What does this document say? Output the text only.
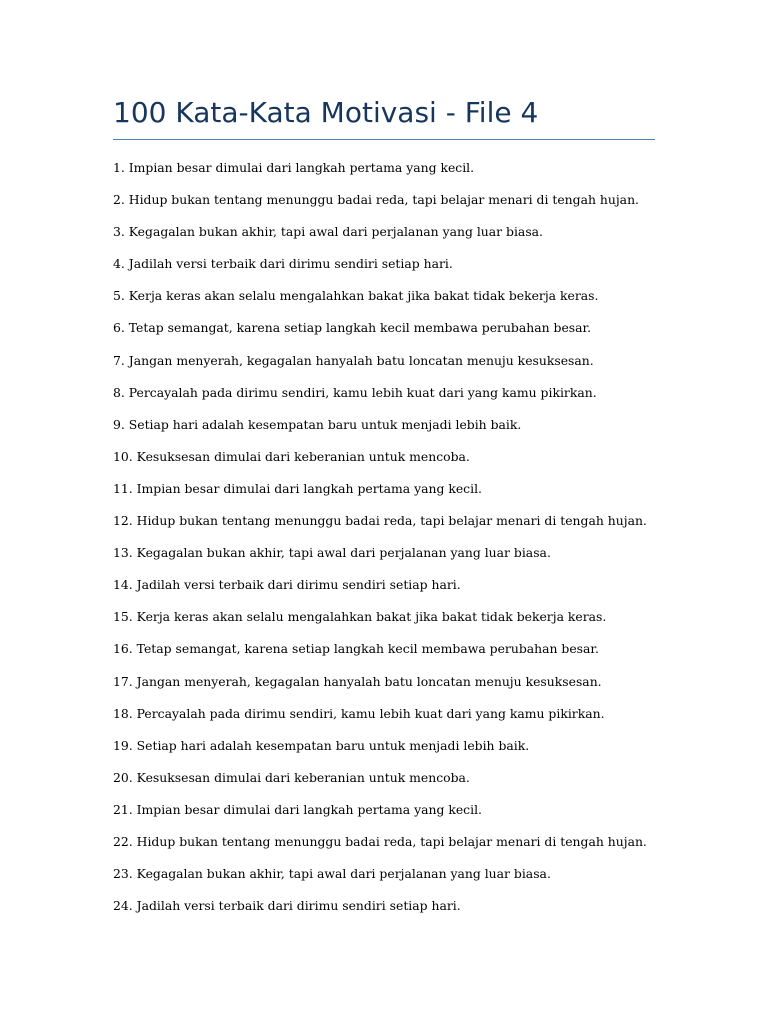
100 Kata-Kata Motivasi - File 4
1. Impian besar dimulai dari langkah pertama yang kecil.
2. Hidup bukan tentang menunggu badai reda, tapi belajar menari di tengah hujan.
3. Kegagalan bukan akhir, tapi awal dari perjalanan yang luar biasa.
4. Jadilah versi terbaik dari dirimu sendiri setiap hari.
5. Kerja keras akan selalu mengalahkan bakat jika bakat tidak bekerja keras.
6. Tetap semangat, karena setiap langkah kecil membawa perubahan besar.
7. Jangan menyerah, kegagalan hanyalah batu loncatan menuju kesuksesan.
8. Percayalah pada dirimu sendiri, kamu lebih kuat dari yang kamu pikirkan.
9. Setiap hari adalah kesempatan baru untuk menjadi lebih baik.
10. Kesuksesan dimulai dari keberanian untuk mencoba.
11. Impian besar dimulai dari langkah pertama yang kecil.
12. Hidup bukan tentang menunggu badai reda, tapi belajar menari di tengah hujan.
13. Kegagalan bukan akhir, tapi awal dari perjalanan yang luar biasa.
14. Jadilah versi terbaik dari dirimu sendiri setiap hari.
15. Kerja keras akan selalu mengalahkan bakat jika bakat tidak bekerja keras.
16. Tetap semangat, karena setiap langkah kecil membawa perubahan besar.
17. Jangan menyerah, kegagalan hanyalah batu loncatan menuju kesuksesan.
18. Percayalah pada dirimu sendiri, kamu lebih kuat dari yang kamu pikirkan.
19. Setiap hari adalah kesempatan baru untuk menjadi lebih baik.
20. Kesuksesan dimulai dari keberanian untuk mencoba.
21. Impian besar dimulai dari langkah pertama yang kecil.
22. Hidup bukan tentang menunggu badai reda, tapi belajar menari di tengah hujan.
23. Kegagalan bukan akhir, tapi awal dari perjalanan yang luar biasa.
24. Jadilah versi terbaik dari dirimu sendiri setiap hari.
